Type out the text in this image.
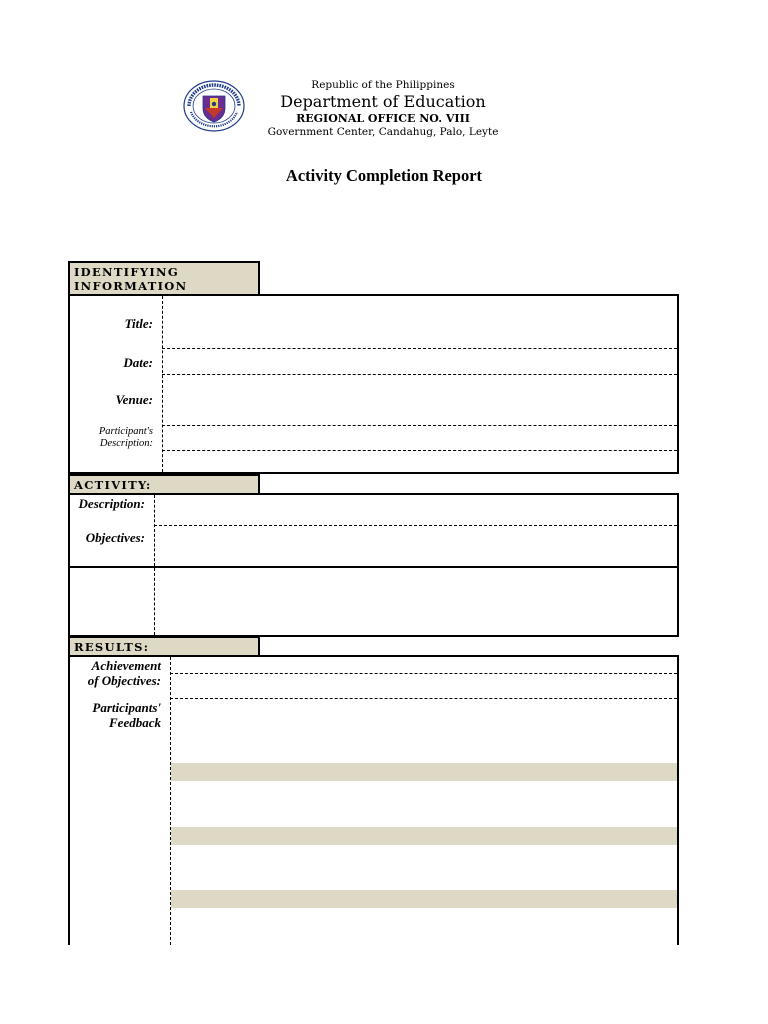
Republic of the Philippines
Department of Education
REGIONAL OFFICE NO. VIII
Government Center, Candahug, Palo, Leyte
Activity Completion Report
IDENTIFYING
INFORMATION
Title:
Date:
Venue:
Participant's
Description:
ACTIVITY:
Description:
Objectives:
RESULTS:
Achievement
of Objectives:
Participants'
Feedback
